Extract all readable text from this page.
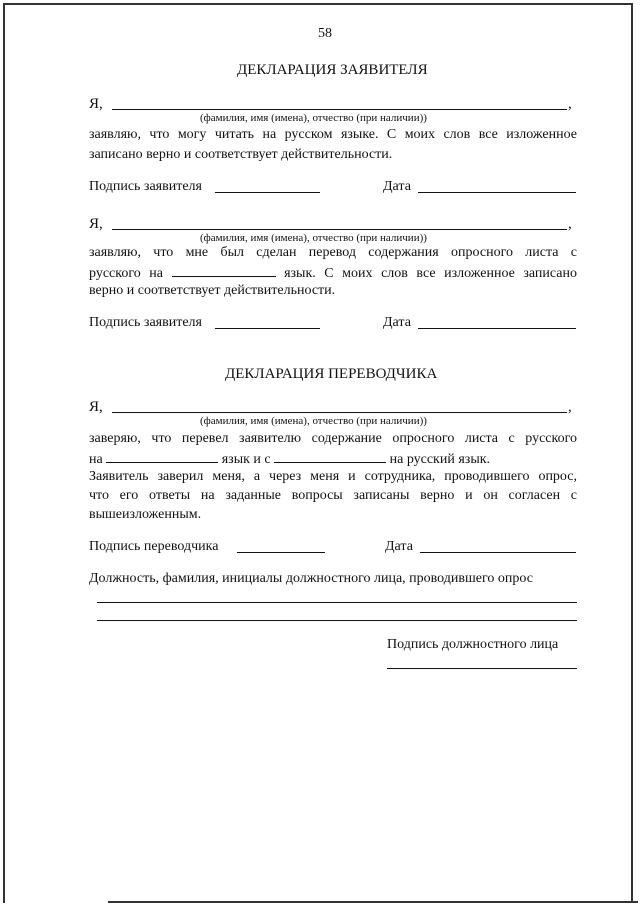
58
ДЕКЛАРАЦИЯ ЗАЯВИТЕЛЯ
Я,	,
(фамилия, имя (имена), отчество (при наличии))
заявляю, что могу читать на русском языке. С моих слов все изложенное
записано верно и соответствует действительности.
Подпись заявителя	Дата
Я,	,
(фамилия, имя (имена), отчество (при наличии))
заявляю, что мне был сделан перевод содержания опросного листа с
русского на	язык. С моих слов все изложенное записано
верно и соответствует действительности.
Подпись заявителя	Дата
ДЕКЛАРАЦИЯ ПЕРЕВОДЧИКА
Я,	,
(фамилия, имя (имена), отчество (при наличии))
заверяю, что перевел заявителю содержание опросного листа с русского
на	язык и с	на русский язык.
Заявитель заверил меня, а через меня и сотрудника, проводившего опрос,
что его ответы на заданные вопросы записаны верно и он согласен с
вышеизложенным.
Подпись переводчика	Дата
Должность, фамилия, инициалы должностного лица, проводившего опрос
Подпись должностного лица
